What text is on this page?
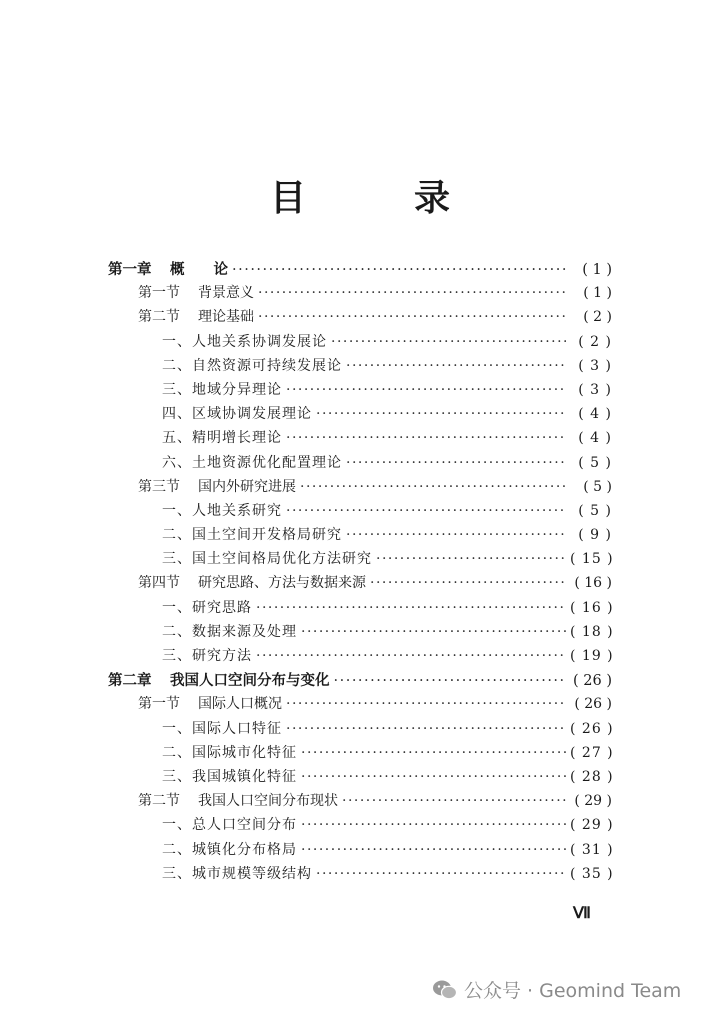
目　录
第一章	概　　论 ·····	( 1 )
第一节	背景意义 ·····	( 1 )
第二节	理论基础 ·····	( 2 )
一、人地关系协调发展论 ·····	( 2 )
二、自然资源可持续发展论 ·····	( 3 )
三、地域分异理论 ·····	( 3 )
四、区域协调发展理论 ·····	( 4 )
五、精明增长理论 ·····	( 4 )
六、土地资源优化配置理论 ·····	( 5 )
第三节	国内外研究进展 ·····	( 5 )
一、人地关系研究 ·····	( 5 )
二、国土空间开发格局研究 ·····	( 9 )
三、国土空间格局优化方法研究 ·····	( 15 )
第四节	研究思路、方法与数据来源 ·····	( 16 )
一、研究思路 ·····	( 16 )
二、数据来源及处理 ·····	( 18 )
三、研究方法 ·····	( 19 )
第二章	我国人口空间分布与变化 ·····	( 26 )
第一节	国际人口概况 ·····	( 26 )
一、国际人口特征 ·····	( 26 )
二、国际城市化特征 ·····	( 27 )
三、我国城镇化特征 ·····	( 28 )
第二节	我国人口空间分布现状 ·····	( 29 )
一、总人口空间分布 ·····	( 29 )
二、城镇化分布格局 ·····	( 31 )
三、城市规模等级结构 ·····	( 35 )
Ⅶ
公众号 · Geomind Team
